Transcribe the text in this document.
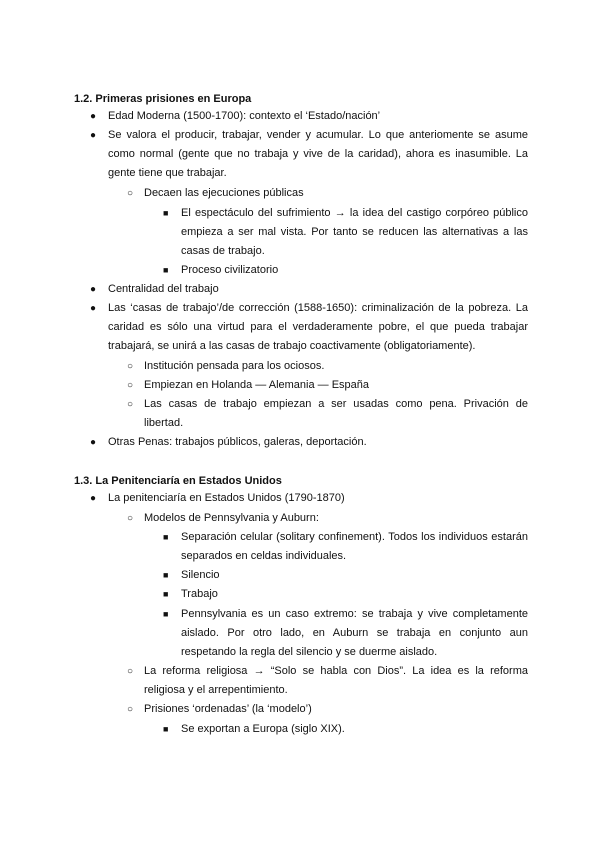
1.2. Primeras prisiones en Europa
● Edad Moderna (1500-1700): contexto el ‘Estado/nación’
● Se valora el producir, trabajar, vender y acumular. Lo que anteriomente se asume como normal (gente que no trabaja y vive de la caridad), ahora es inasumible. La gente tiene que trabajar.
○ Decaen las ejecuciones públicas
■ El espectáculo del sufrimiento → la idea del castigo corpóreo público empieza a ser mal vista. Por tanto se reducen las alternativas a las casas de trabajo.
■ Proceso civilizatorio
● Centralidad del trabajo
● Las ‘casas de trabajo’/de corrección (1588-1650): criminalización de la pobreza. La caridad es sólo una virtud para el verdaderamente pobre, el que pueda trabajar trabajará, se unirá a las casas de trabajo coactivamente (obligatoriamente).
○ Institución pensada para los ociosos.
○ Empiezan en Holanda — Alemania — España
○ Las casas de trabajo empiezan a ser usadas como pena. Privación de libertad.
● Otras Penas: trabajos públicos, galeras, deportación.
1.3. La Penitenciaría en Estados Unidos
● La penitenciaría en Estados Unidos (1790-1870)
○ Modelos de Pennsylvania y Auburn:
■ Separación celular (solitary confinement). Todos los individuos estarán separados en celdas individuales.
■ Silencio
■ Trabajo
■ Pennsylvania es un caso extremo: se trabaja y vive completamente aislado. Por otro lado, en Auburn se trabaja en conjunto aun respetando la regla del silencio y se duerme aislado.
○ La reforma religiosa → “Solo se habla con Dios”. La idea es la reforma religiosa y el arrepentimiento.
○ Prisiones ‘ordenadas’ (la ‘modelo’)
■ Se exportan a Europa (siglo XIX).
